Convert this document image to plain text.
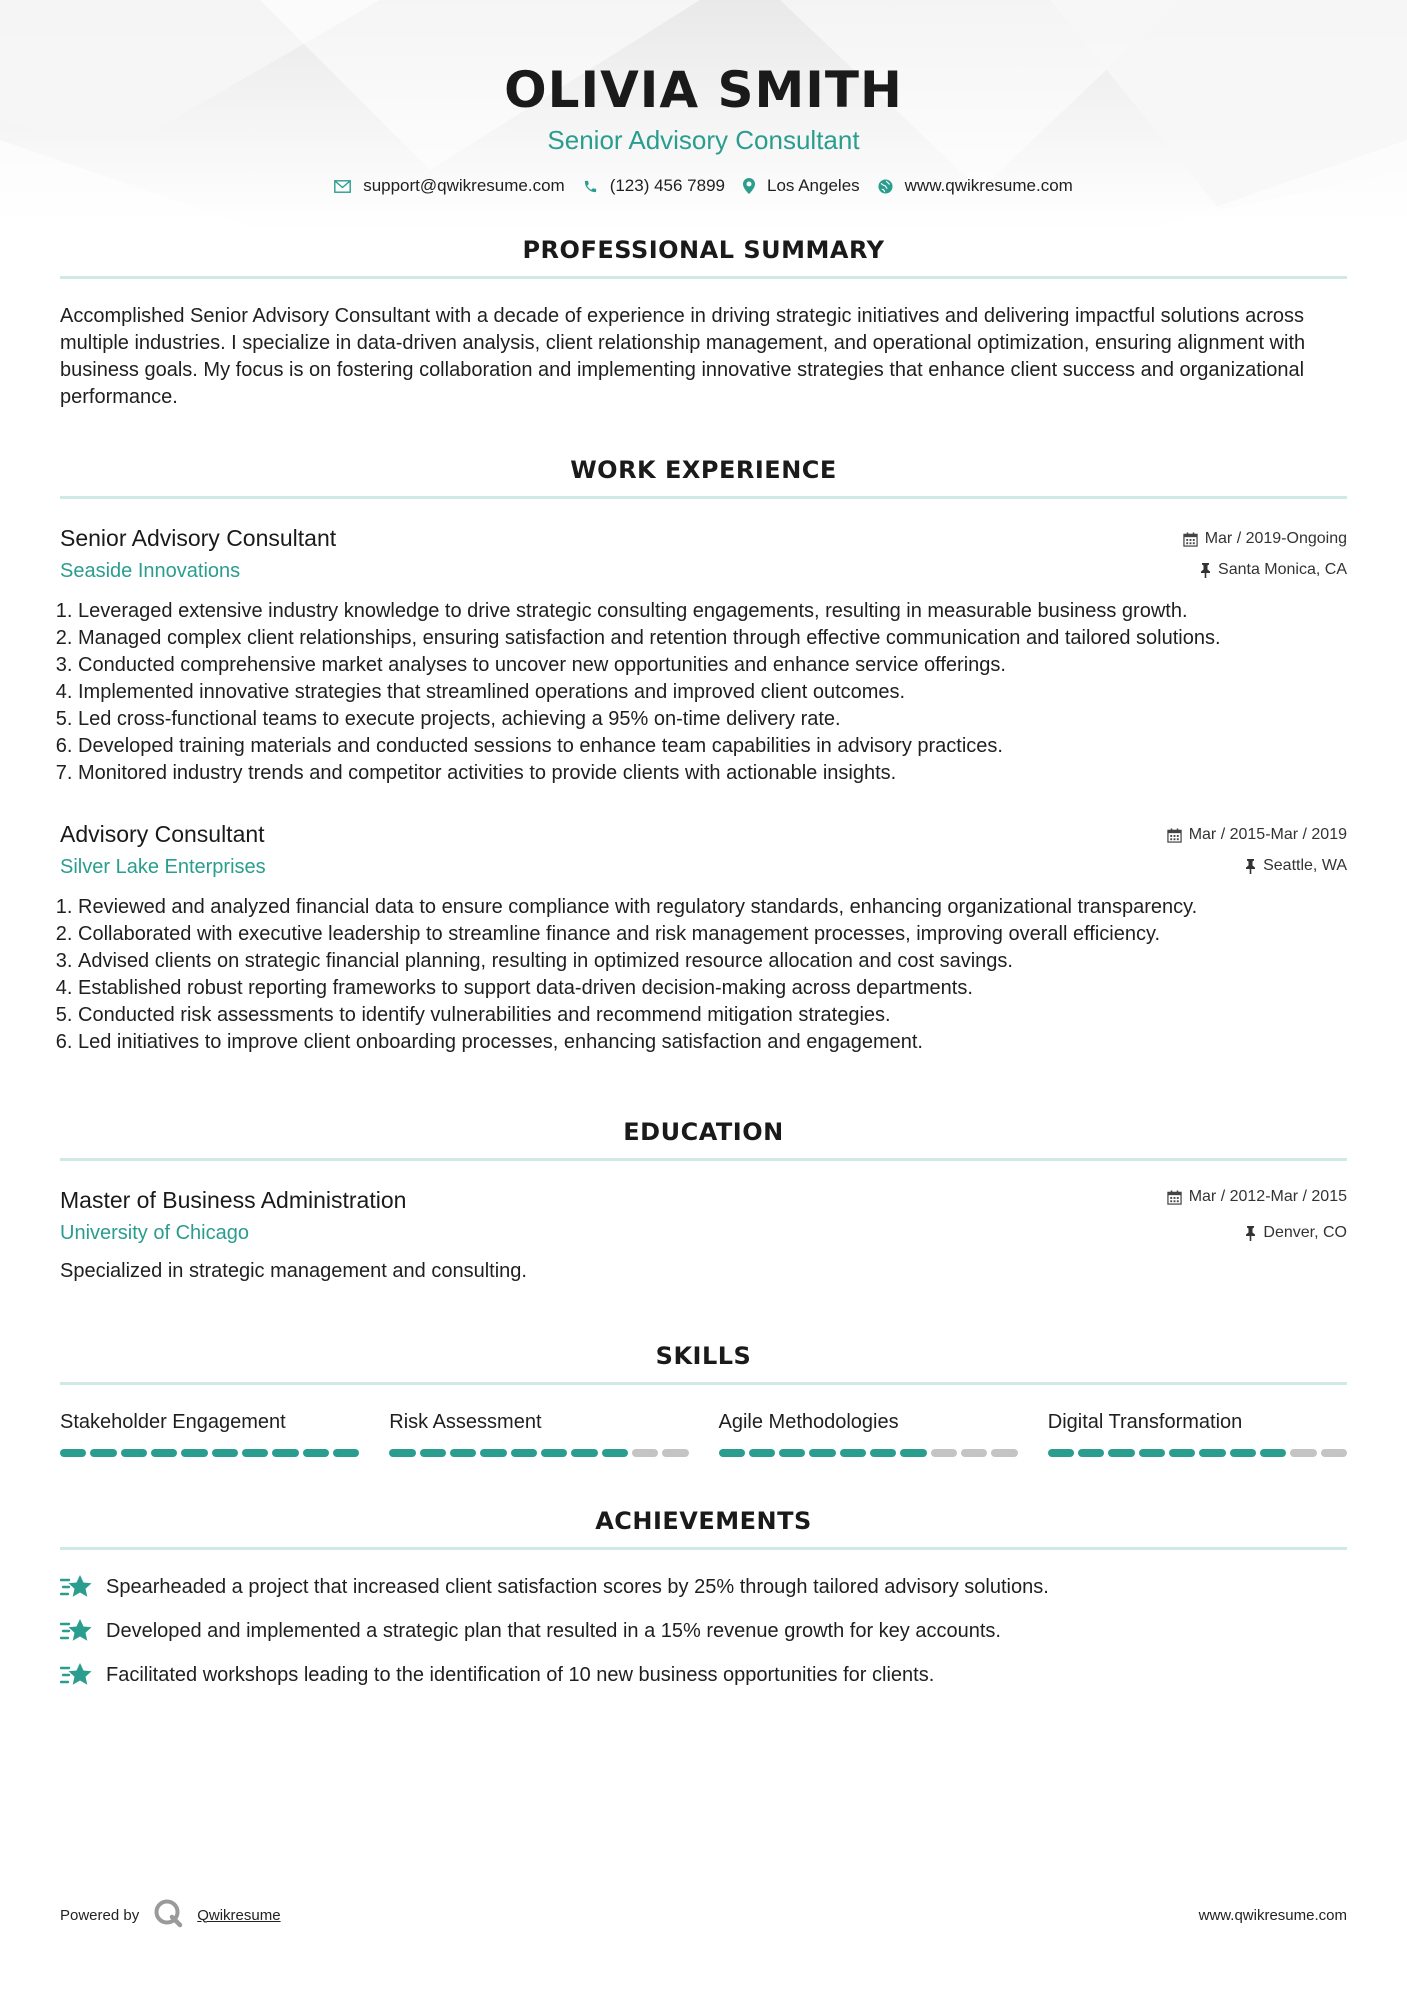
OLIVIA SMITH
Senior Advisory Consultant
support@qwikresume.com	(123) 456 7899 Los Angeles	www.qwikresume.com
PROFESSIONAL SUMMARY

Accomplished Senior Advisory Consultant with a decade of experience in driving strategic initiatives and delivering impactful solutions across multiple industries. I specialize in data-driven analysis, client relationship management, and operational optimization, ensuring alignment with business goals. My focus is on fostering collaboration and implementing innovative strategies that enhance client success and organizational performance.

WORK EXPERIENCE
Senior Advisory Consultant
Seaside Innovations
Mar / 2019-Ongoing
Santa Monica, CA
1. Leveraged extensive industry knowledge to drive strategic consulting engagements, resulting in measurable business growth.
2. Managed complex client relationships, ensuring satisfaction and retention through effective communication and tailored solutions.
3. Conducted comprehensive market analyses to uncover new opportunities and enhance service offerings.
4. Implemented innovative strategies that streamlined operations and improved client outcomes.
5. Led cross-functional teams to execute projects, achieving a 95% on-time delivery rate.
6. Developed training materials and conducted sessions to enhance team capabilities in advisory practices.
7. Monitored industry trends and competitor activities to provide clients with actionable insights.
Advisory Consultant
Silver Lake Enterprises
Mar / 2015-Mar / 2019
Seattle, WA
1. Reviewed and analyzed financial data to ensure compliance with regulatory standards, enhancing organizational transparency.
2. Collaborated with executive leadership to streamline finance and risk management processes, improving overall efficiency.
3. Advised clients on strategic financial planning, resulting in optimized resource allocation and cost savings.
4. Established robust reporting frameworks to support data-driven decision-making across departments.
5. Conducted risk assessments to identify vulnerabilities and recommend mitigation strategies.
6. Led initiatives to improve client onboarding processes, enhancing satisfaction and engagement.
EDUCATION
Master of Business Administration
University of Chicago
Mar / 2012-Mar / 2015
Denver, CO
Specialized in strategic management and consulting.
SKILLS
Stakeholder Engagement	Risk Assessment	Agile Methodologies	Digital Transformation
ACHIEVEMENTS
Spearheaded a project that increased client satisfaction scores by 25% through tailored advisory solutions.
Developed and implemented a strategic plan that resulted in a 15% revenue growth for key accounts.
Facilitated workshops leading to the identification of 10 new business opportunities for clients.
Powered by	Qwikresume	www.qwikresume.com
